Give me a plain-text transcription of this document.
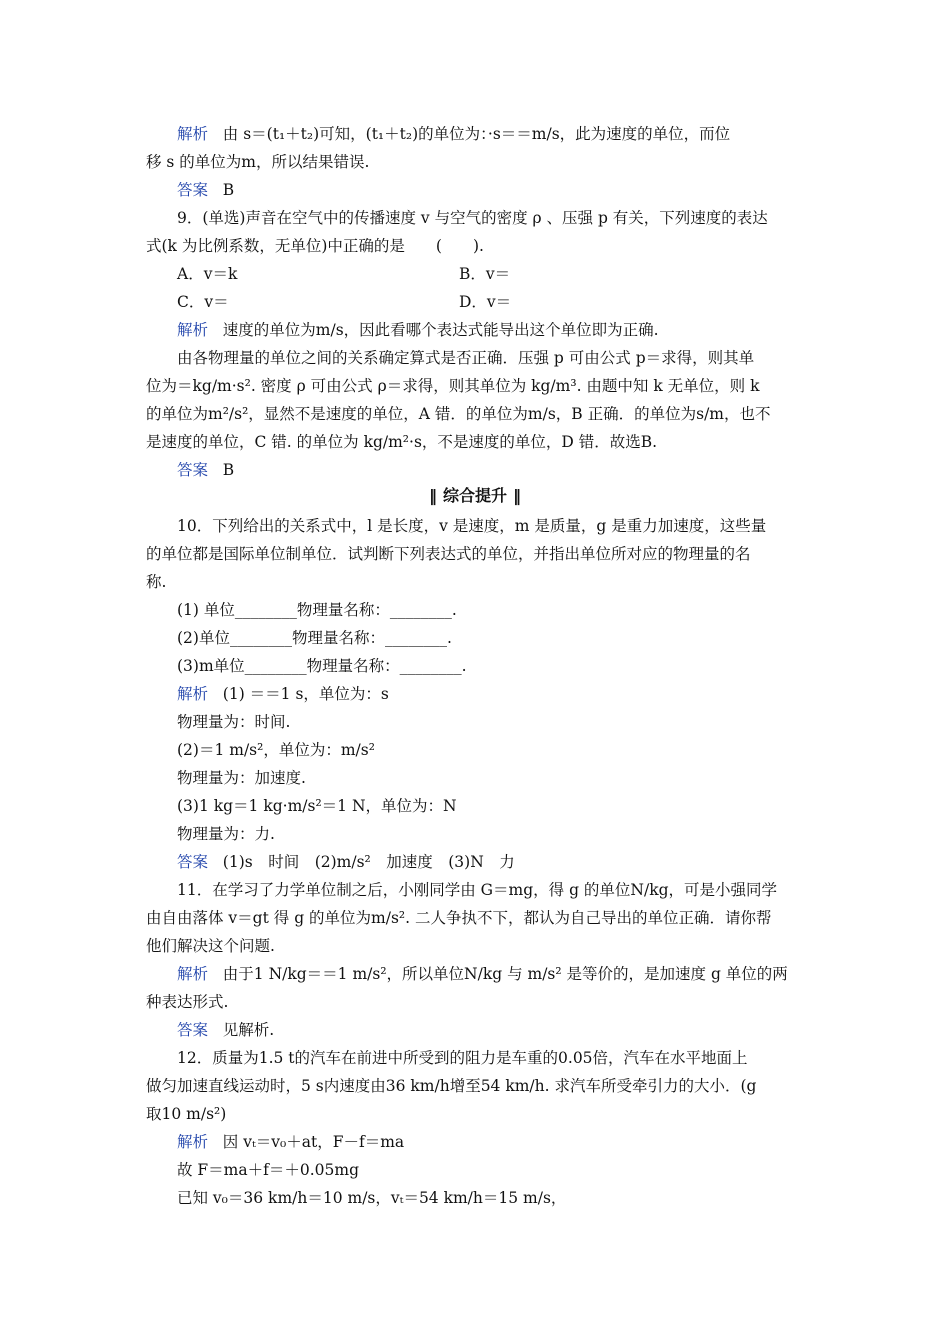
解析 由 s＝(t₁＋t₂)可知，(t₁＋t₂)的单位为：·s＝＝m/s，此为速度的单位，而位
移 s 的单位为m，所以结果错误.
答案 B
9．(单选)声音在空气中的传播速度 v 与空气的密度 ρ 、压强 p 有关，下列速度的表达
式(k 为比例系数，无单位)中正确的是　　(　　).
A．v＝k	B．v＝
C．v＝	D．v＝
解析 速度的单位为m/s，因此看哪个表达式能导出这个单位即为正确.
由各物理量的单位之间的关系确定算式是否正确．压强 p 可由公式 p＝求得，则其单
位为＝kg/m·s². 密度 ρ 可由公式 ρ＝求得，则其单位为 kg/m³. 由题中知 k 无单位，则 k
的单位为m²/s²，显然不是速度的单位，A 错．的单位为m/s，B 正确．的单位为s/m，也不
是速度的单位，C 错. 的单位为 kg/m²·s，不是速度的单位，D 错．故选B.
答案 B
‖ 综合提升 ‖
10．下列给出的关系式中，l 是长度，v 是速度，m 是质量，g 是重力加速度，这些量
的单位都是国际单位制单位．试判断下列表达式的单位，并指出单位所对应的物理量的名
称.
(1) 单位________物理量名称：________.
(2)单位________物理量名称：________.
(3)m单位________物理量名称：________.
解析 (1) ＝＝1 s，单位为：s
物理量为：时间.
(2)＝1 m/s²，单位为：m/s²
物理量为：加速度.
(3)1 kg＝1 kg·m/s²＝1 N，单位为：N
物理量为：力.
答案 (1)s　时间　(2)m/s²　加速度　(3)N　力
11．在学习了力学单位制之后，小刚同学由 G＝mg，得 g 的单位N/kg，可是小强同学
由自由落体 v＝gt 得 g 的单位为m/s². 二人争执不下，都认为自己导出的单位正确．请你帮
他们解决这个问题.
解析 由于1 N/kg＝＝1 m/s²，所以单位N/kg 与 m/s² 是等价的，是加速度 g 单位的两
种表达形式.
答案 见解析.
12．质量为1.5 t的汽车在前进中所受到的阻力是车重的0.05倍，汽车在水平地面上
做匀加速直线运动时，5 s内速度由36 km/h增至54 km/h. 求汽车所受牵引力的大小．(g
取10 m/s²)
解析 因 vₜ＝v₀＋at，F－f＝ma
故 F＝ma＋f＝＋0.05mg
已知 v₀＝36 km/h＝10 m/s，vₜ＝54 km/h＝15 m/s，
